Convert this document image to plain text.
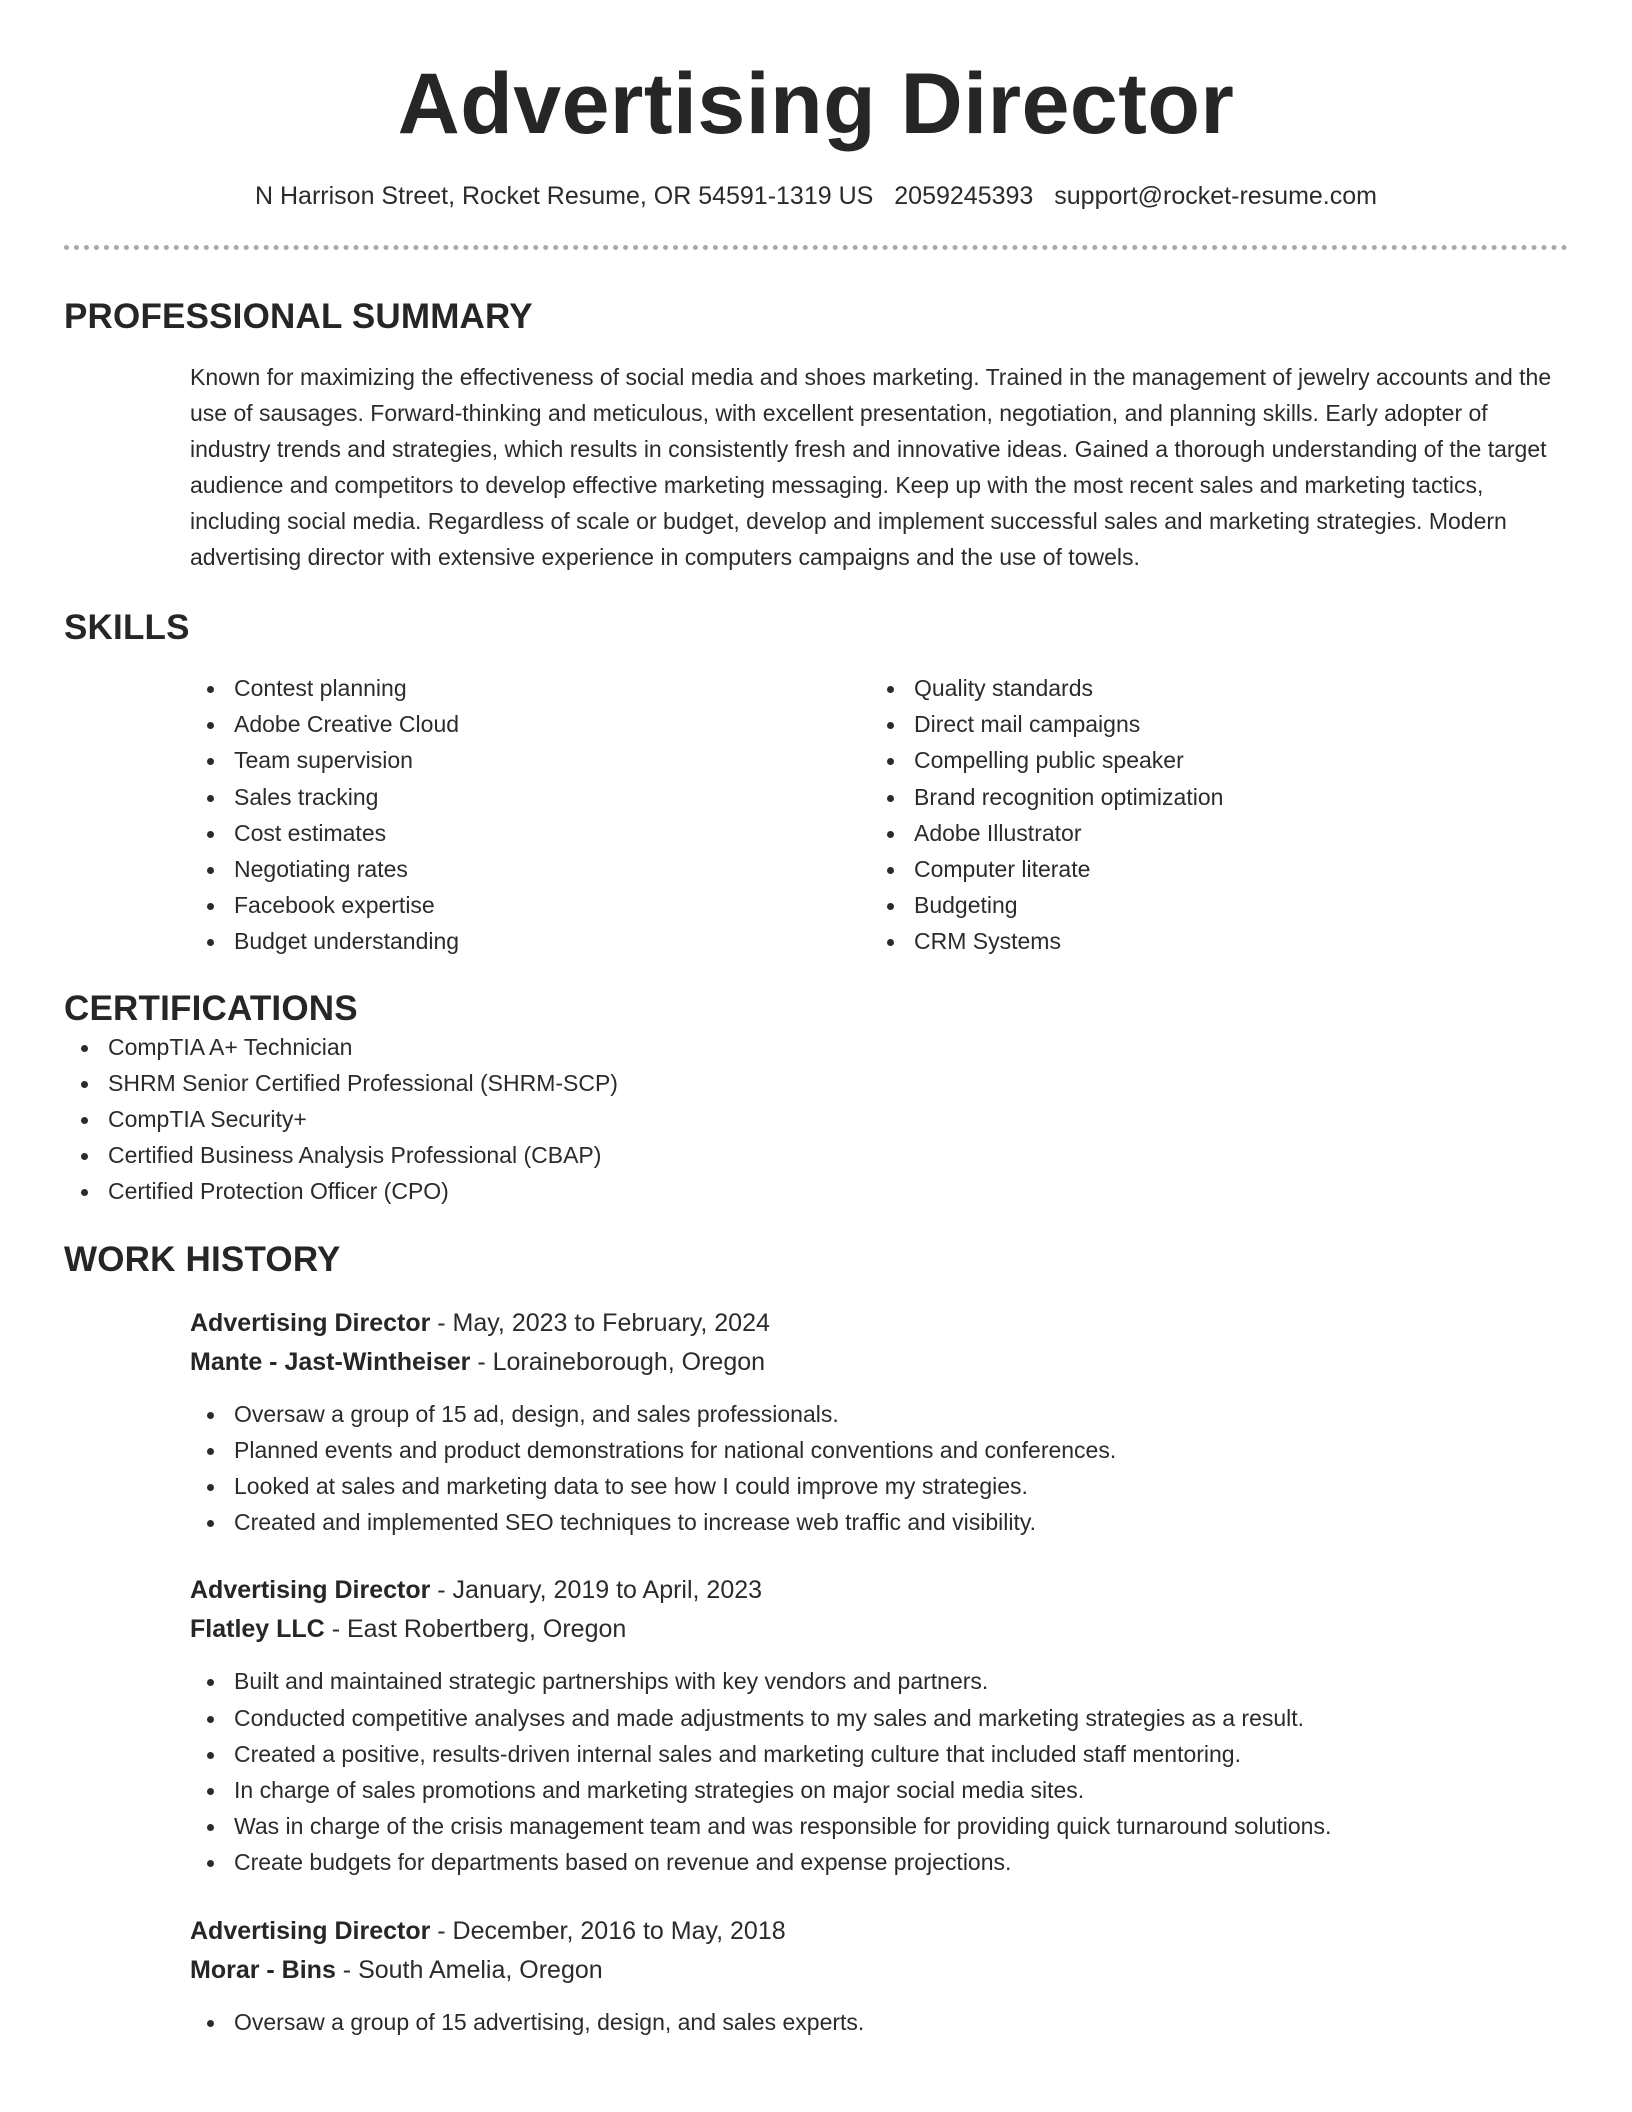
Advertising Director
N Harrison Street, Rocket Resume, OR 54591-1319 US 2059245393 support@rocket-resume.com
PROFESSIONAL SUMMARY

Known for maximizing the effectiveness of social media and shoes marketing. Trained in the management of jewelry accounts and the use of sausages. Forward-thinking and meticulous, with excellent presentation, negotiation, and planning skills. Early adopter of industry trends and strategies, which results in consistently fresh and innovative ideas. Gained a thorough understanding of the target audience and competitors to develop effective marketing messaging. Keep up with the most recent sales and marketing tactics, including social media. Regardless of scale or budget, develop and implement successful sales and marketing strategies. Modern advertising director with extensive experience in computers campaigns and the use of towels.

SKILLS
Contest planning
Adobe Creative Cloud
Team supervision
Sales tracking
Cost estimates
Negotiating rates
Facebook expertise
Budget understanding
Quality standards
Direct mail campaigns
Compelling public speaker
Brand recognition optimization
Adobe Illustrator
Computer literate
Budgeting
CRM Systems
CERTIFICATIONS
CompTIA A+ Technician
SHRM Senior Certified Professional (SHRM-SCP)
CompTIA Security+
Certified Business Analysis Professional (CBAP)
Certified Protection Officer (CPO)
WORK HISTORY
Advertising Director - May, 2023 to February, 2024
Mante - Jast-Wintheiser - Loraineborough, Oregon
Oversaw a group of 15 ad, design, and sales professionals.
Planned events and product demonstrations for national conventions and conferences.
Looked at sales and marketing data to see how I could improve my strategies.
Created and implemented SEO techniques to increase web traffic and visibility.
Advertising Director - January, 2019 to April, 2023
Flatley LLC - East Robertberg, Oregon
Built and maintained strategic partnerships with key vendors and partners.
Conducted competitive analyses and made adjustments to my sales and marketing strategies as a result.
Created a positive, results-driven internal sales and marketing culture that included staff mentoring.
In charge of sales promotions and marketing strategies on major social media sites.
Was in charge of the crisis management team and was responsible for providing quick turnaround solutions.
Create budgets for departments based on revenue and expense projections.
Advertising Director - December, 2016 to May, 2018
Morar - Bins - South Amelia, Oregon
Oversaw a group of 15 advertising, design, and sales experts.
